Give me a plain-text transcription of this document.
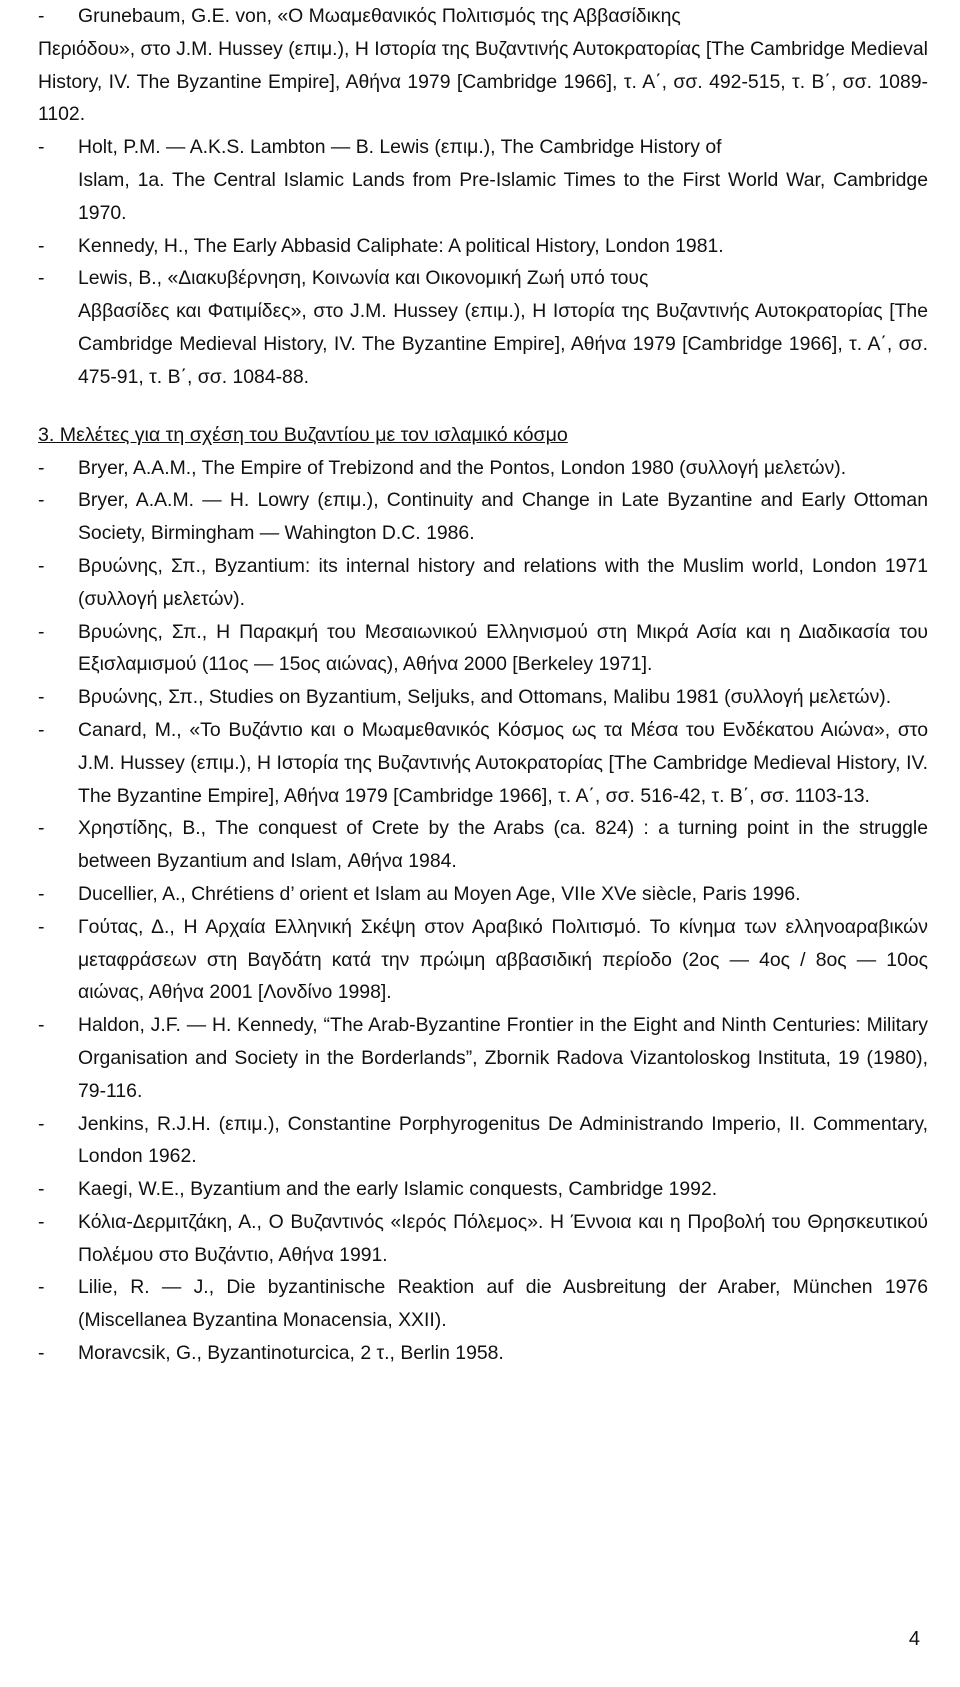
- Grunebaum, G.E. von, «Ο Μωαμεθανικός Πολιτισμός της Αββασίδικης
Περιόδου», στο J.M. Hussey (επιμ.), Η Ιστορία της Βυζαντινής Αυτοκρατορίας [The Cambridge Medieval History, IV. The Byzantine Empire], Αθήνα 1979 [Cambridge 1966], τ. Α΄, σσ. 492-515, τ. Β΄, σσ. 1089-1102.
- Holt, P.M. — A.K.S. Lambton — B. Lewis (επιμ.), The Cambridge History of
Islam, 1a. The Central Islamic Lands from Pre-Islamic Times to the First World War, Cambridge 1970.
- Kennedy, H., The Early Abbasid Caliphate: A political History, London 1981.
- Lewis, B., «Διακυβέρνηση, Κοινωνία και Οικονομική Ζωή υπό τους
Αββασίδες και Φατιμίδες», στο J.M. Hussey (επιμ.), Η Ιστορία της Βυζαντινής Αυτοκρατορίας [The Cambridge Medieval History, IV. The Byzantine Empire], Αθήνα 1979 [Cambridge 1966], τ. Α΄, σσ. 475-91, τ. Β΄, σσ. 1084-88.
3. Μελέτες για τη σχέση του Βυζαντίου με τον ισλαμικό κόσμο
- Bryer, A.A.M., The Empire of Trebizond and the Pontos, London 1980 (συλλογή μελετών).
- Bryer, A.A.M. — H. Lowry (επιμ.), Continuity and Change in Late Byzantine and Early Ottoman Society, Birmingham — Wahington D.C. 1986.
- Βρυώνης, Σπ., Byzantium: its internal history and relations with the Muslim world, London 1971 (συλλογή μελετών).
- Βρυώνης, Σπ., Η Παρακμή του Μεσαιωνικού Ελληνισμού στη Μικρά Ασία και η Διαδικασία του Εξισλαμισμού (11ος — 15ος αιώνας), Αθήνα 2000 [Berkeley 1971].
- Βρυώνης, Σπ., Studies on Byzantium, Seljuks, and Ottomans, Malibu 1981 (συλλογή μελετών).
- Canard, M., «Το Βυζάντιο και ο Μωαμεθανικός Κόσμος ως τα Μέσα του Ενδέκατου Αιώνα», στο J.M. Hussey (επιμ.), Η Ιστορία της Βυζαντινής Αυτοκρατορίας [The Cambridge Medieval History, IV. The Byzantine Empire], Αθήνα 1979 [Cambridge 1966], τ. Α΄, σσ. 516-42, τ. Β΄, σσ. 1103-13.
- Χρηστίδης, Β., The conquest of Crete by the Arabs (ca. 824) : a turning point in the struggle between Byzantium and Islam, Αθήνα 1984.
- Ducellier, A., Chrétiens d’ orient et Islam au Moyen Age, VIIe XVe siècle, Paris 1996.
- Γούτας, Δ., Η Αρχαία Ελληνική Σκέψη στον Αραβικό Πολιτισμό. Το κίνημα των ελληνοαραβικών μεταφράσεων στη Βαγδάτη κατά την πρώιμη αββασιδική περίοδο (2ος — 4ος / 8ος — 10ος αιώνας, Αθήνα 2001 [Λονδίνο 1998].
- Haldon, J.F. — H. Kennedy, “The Arab-Byzantine Frontier in the Eight and Ninth Centuries: Military Organisation and Society in the Borderlands”, Zbornik Radova Vizantoloskog Instituta, 19 (1980), 79-116.
- Jenkins, R.J.H. (επιμ.), Constantine Porphyrogenitus De Administrando Imperio, II. Commentary, London 1962.
- Kaegi, W.E., Byzantium and the early Islamic conquests, Cambridge 1992.
- Κόλια-Δερμιτζάκη, Α., Ο Βυζαντινός «Ιερός Πόλεμος». Η Έννοια και η Προβολή του Θρησκευτικού Πολέμου στο Βυζάντιο, Αθήνα 1991.
- Lilie, R. — J., Die byzantinische Reaktion auf die Ausbreitung der Araber, München 1976 (Miscellanea Byzantina Monacensia, XXII).
- Moravcsik, G., Byzantinoturcica, 2 τ., Berlin 1958.
4
